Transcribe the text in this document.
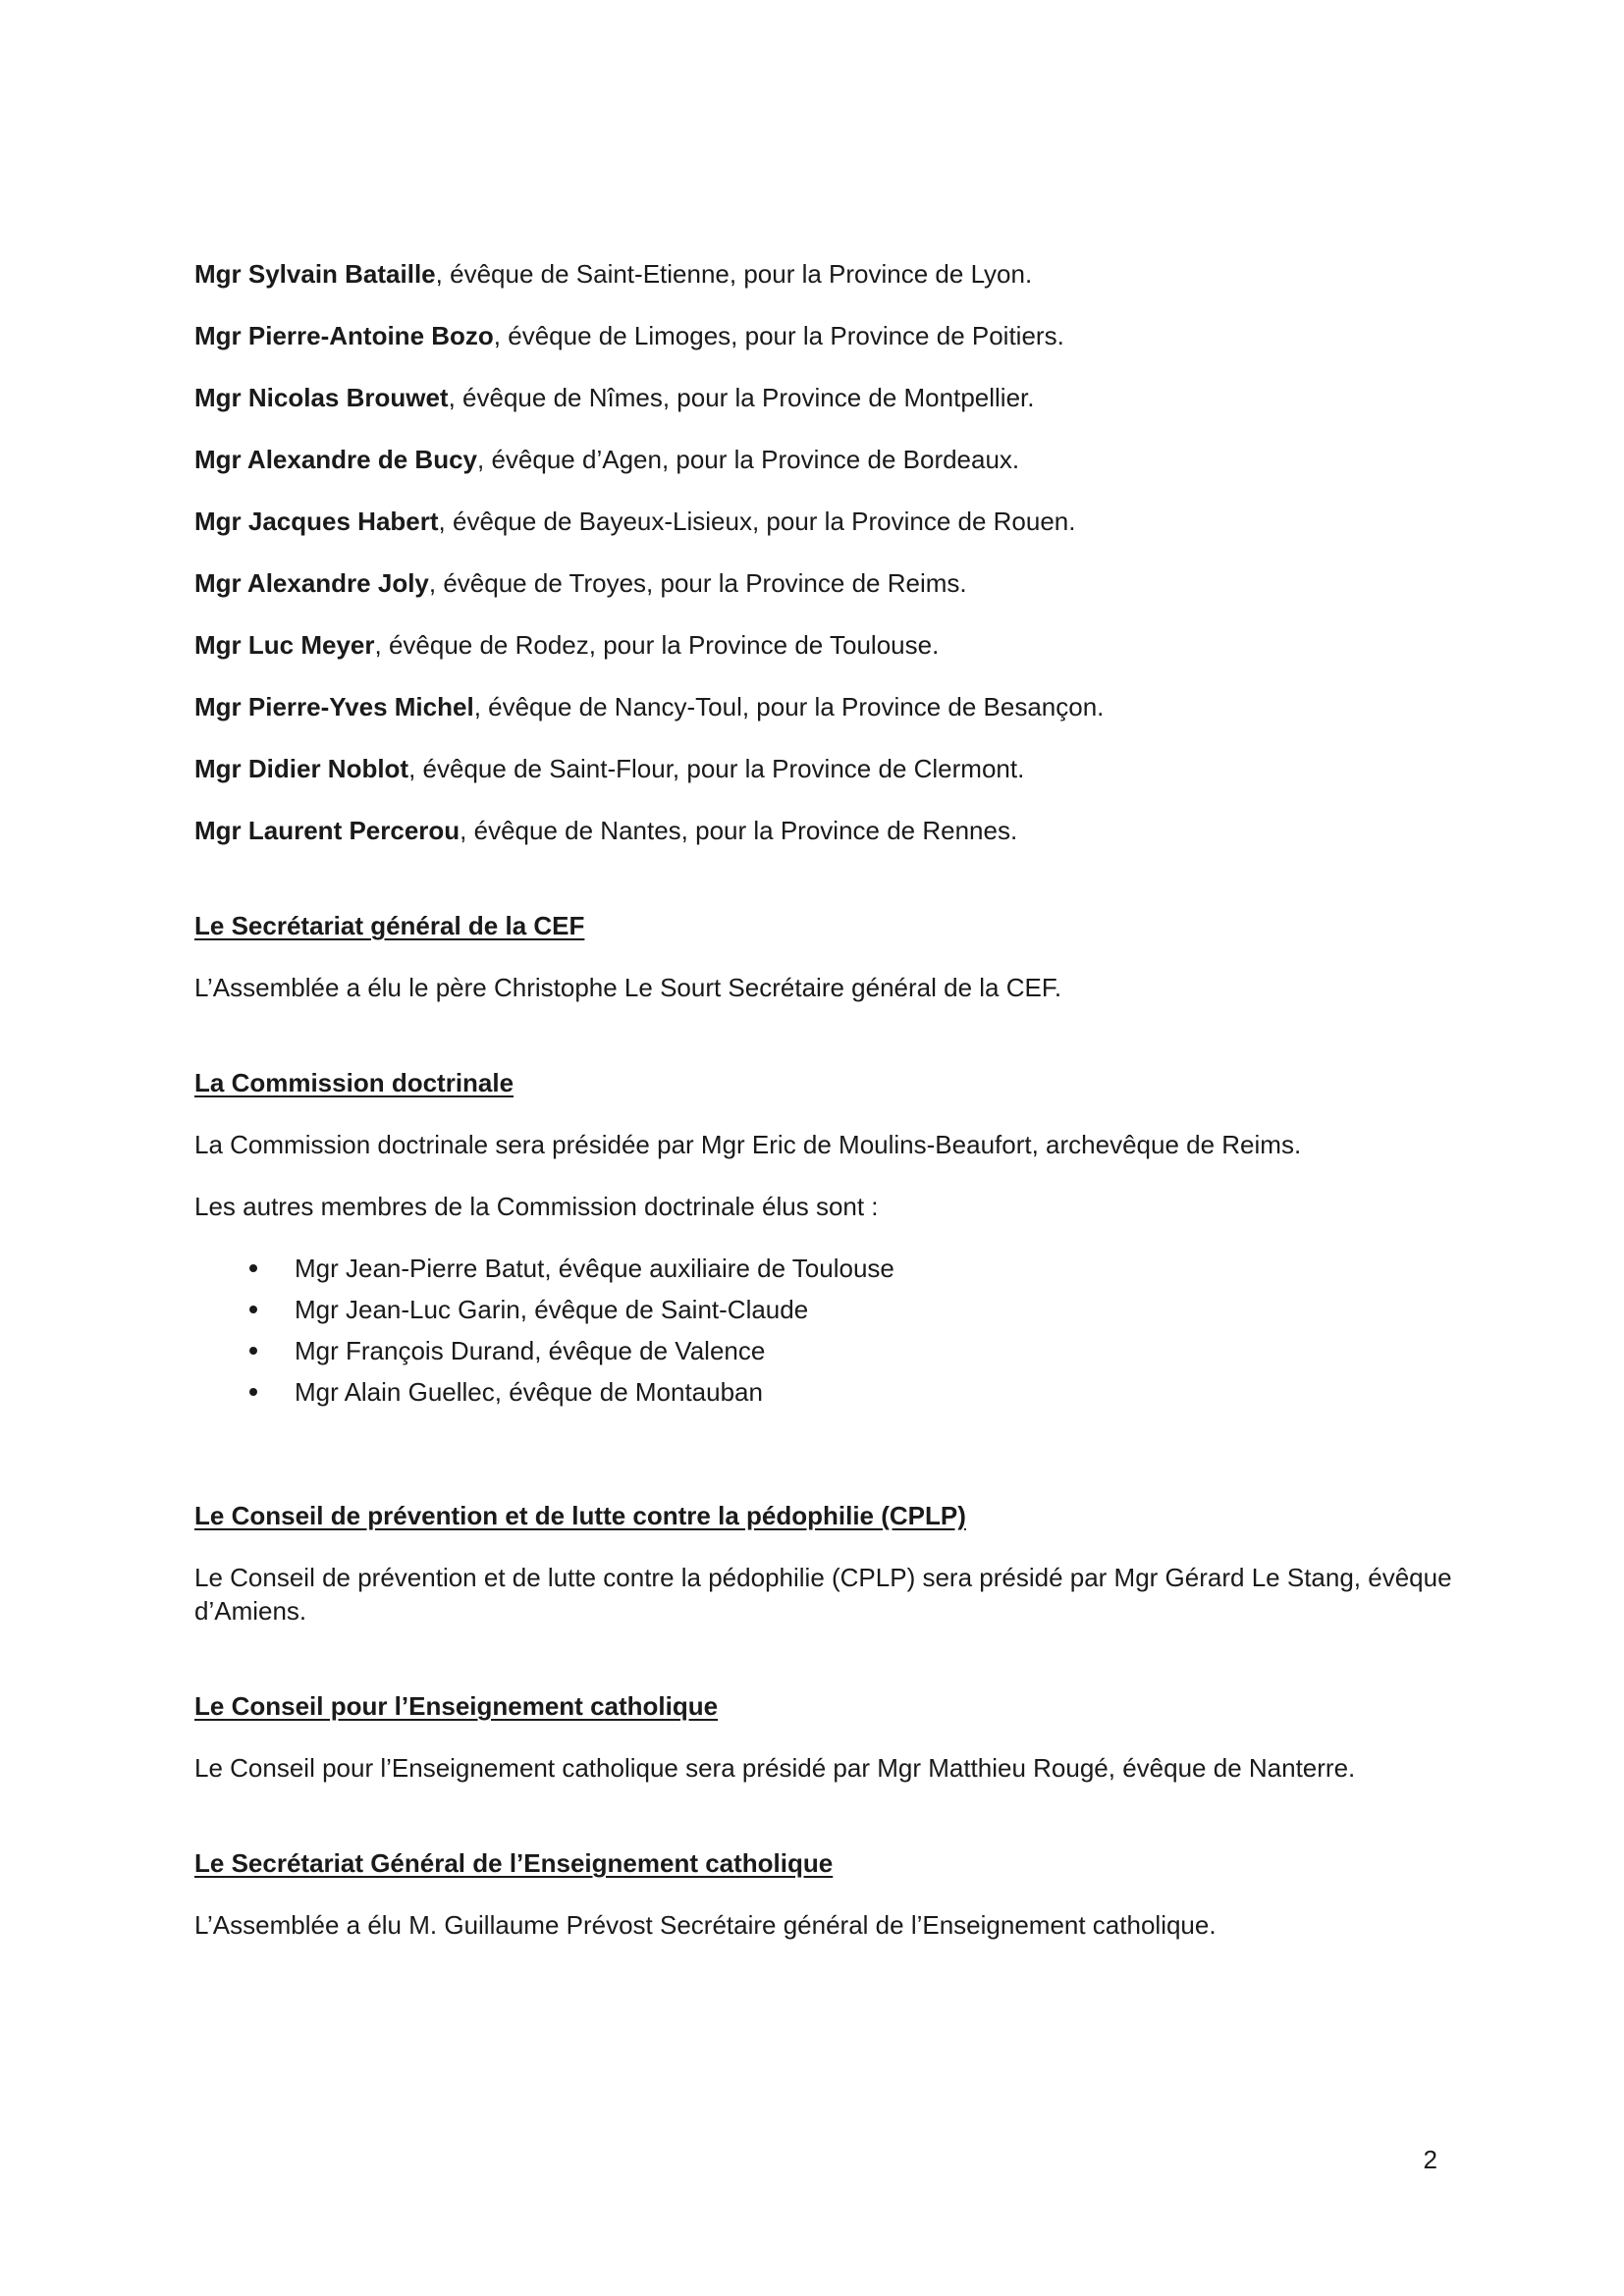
Mgr Sylvain Bataille, évêque de Saint-Etienne, pour la Province de Lyon.

Mgr Pierre-Antoine Bozo, évêque de Limoges, pour la Province de Poitiers.

Mgr Nicolas Brouwet, évêque de Nîmes, pour la Province de Montpellier.

Mgr Alexandre de Bucy, évêque d’Agen, pour la Province de Bordeaux.

Mgr Jacques Habert, évêque de Bayeux-Lisieux, pour la Province de Rouen.

Mgr Alexandre Joly, évêque de Troyes, pour la Province de Reims.

Mgr Luc Meyer, évêque de Rodez, pour la Province de Toulouse.

Mgr Pierre-Yves Michel, évêque de Nancy-Toul, pour la Province de Besançon.

Mgr Didier Noblot, évêque de Saint-Flour, pour la Province de Clermont.

Mgr Laurent Percerou, évêque de Nantes, pour la Province de Rennes.

Le Secrétariat général de la CEF

L’Assemblée a élu le père Christophe Le Sourt Secrétaire général de la CEF.

La Commission doctrinale

La Commission doctrinale sera présidée par Mgr Eric de Moulins-Beaufort, archevêque de Reims.

Les autres membres de la Commission doctrinale élus sont :

Mgr Jean-Pierre Batut, évêque auxiliaire de Toulouse
Mgr Jean-Luc Garin, évêque de Saint-Claude
Mgr François Durand, évêque de Valence
Mgr Alain Guellec, évêque de Montauban

Le Conseil de prévention et de lutte contre la pédophilie (CPLP)

Le Conseil de prévention et de lutte contre la pédophilie (CPLP) sera présidé par Mgr Gérard Le Stang, évêque d’Amiens.

Le Conseil pour l’Enseignement catholique

Le Conseil pour l’Enseignement catholique sera présidé par Mgr Matthieu Rougé, évêque de Nanterre.

Le Secrétariat Général de l’Enseignement catholique

L’Assemblée a élu M. Guillaume Prévost Secrétaire général de l’Enseignement catholique.

2
